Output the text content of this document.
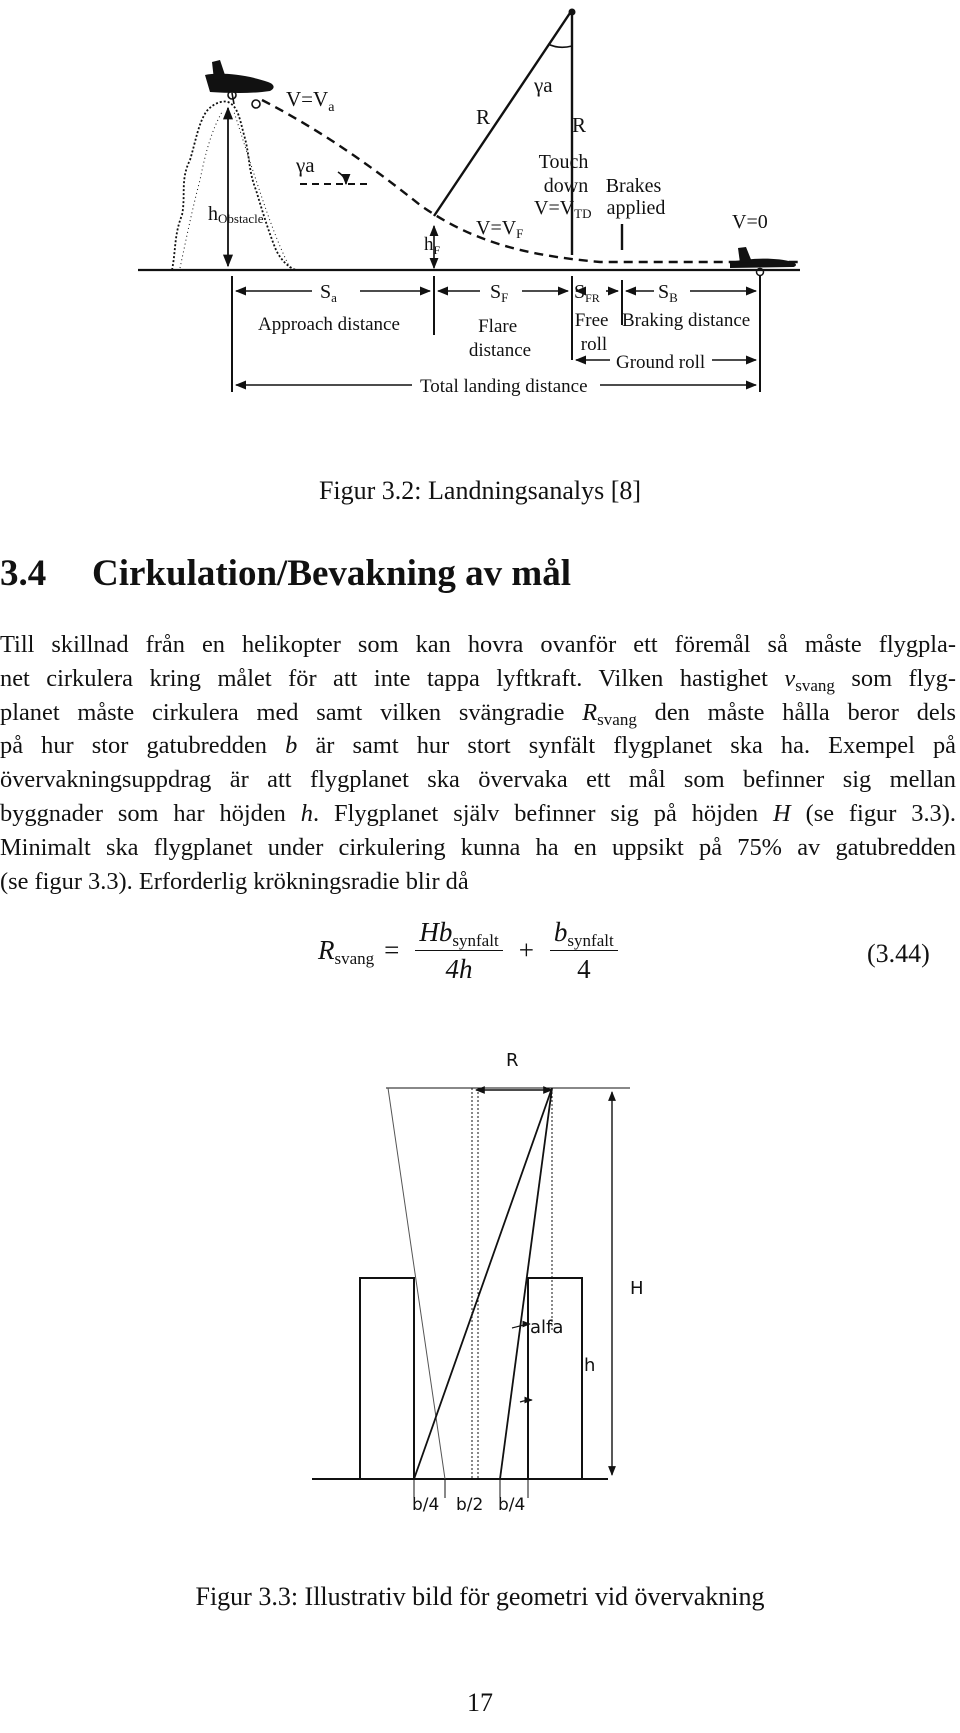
$V=V_a$
γa
γa
R	R
Touch down
$V=V_{TD}$
Brakes applied
V=0
hObstacle	$V=V_F$
$h_F$
$S_a$	$S_F$	$S_{FR}$	$S_B$
Approach distance	Flare distance
Free roll
Braking distance
Ground roll
Total landing distance
Figur 3.2: Landningsanalys [8]
3.4 Cirkulation/Bevakning av mål
Till skillnad från en helikopter som kan hovra ovanför ett föremål så måste flygpla-
net cirkulera kring målet för att inte tappa lyftkraft. Vilken hastighet $v_{svang}$ som flyg-
planet måste cirkulera med samt vilken svängradie $R_{svang}$ den måste hålla beror dels
på hur stor gatubredden b är samt hur stort synfält flygplanet ska ha. Exempel på
övervakningsuppdrag är att flygplanet ska övervaka ett mål som befinner sig mellan
byggnader som har höjden h. Flygplanet själv befinner sig på höjden H (se figur 3.3).
Minimalt ska flygplanet under cirkulering kunna ha en uppsikt på 75% av gatubredden
(se figur 3.3). Erforderlig krökningsradie blir då
$R_{svang} = \frac{Hb_{synfalt}}{4h} + \frac{b_{synfalt}}{4}$	(3.44)
R
H
alfa
h
b/4 b/2 b/4
Figur 3.3: Illustrativ bild för geometri vid övervakning
17
